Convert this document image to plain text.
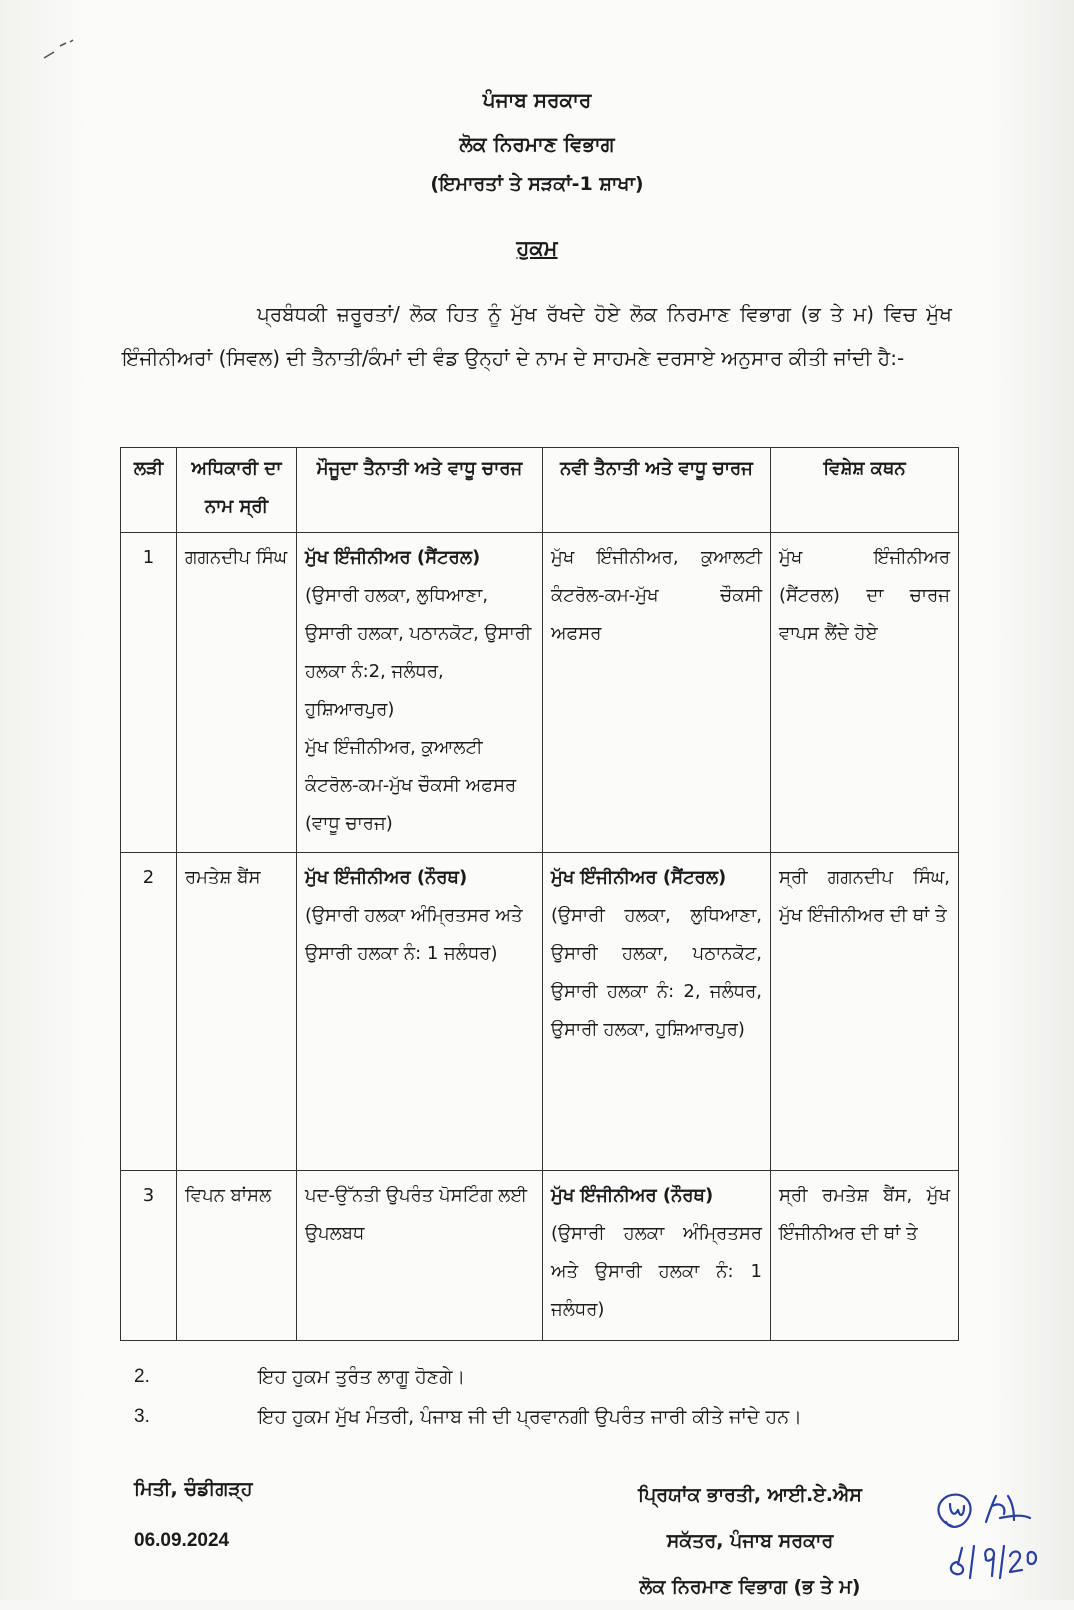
ਪੰਜਾਬ ਸਰਕਾਰ
ਲੋਕ ਨਿਰਮਾਣ ਵਿਭਾਗ
(ਇਮਾਰਤਾਂ ਤੇ ਸੜਕਾਂ-1 ਸ਼ਾਖਾ)
ਹੁਕਮ
ਪ੍ਰਬੰਧਕੀ ਜ਼ਰੂਰਤਾਂ/ ਲੋਕ ਹਿਤ ਨੂੰ ਮੁੱਖ ਰੱਖਦੇ ਹੋਏ ਲੋਕ ਨਿਰਮਾਣ ਵਿਭਾਗ (ਭ ਤੇ ਮ) ਵਿਚ ਮੁੱਖ ਇੰਜੀਨੀਅਰਾਂ (ਸਿਵਲ) ਦੀ ਤੈਨਾਤੀ/ਕੰਮਾਂ ਦੀ ਵੰਡ ਉਨ੍ਹਾਂ ਦੇ ਨਾਮ ਦੇ ਸਾਹਮਣੇ ਦਰਸਾਏ ਅਨੁਸਾਰ ਕੀਤੀ ਜਾਂਦੀ ਹੈ:-
ਲੜੀ	ਅਧਿਕਾਰੀ ਦਾ ਨਾਮ ਸ੍ਰੀ	ਮੌਜੂਦਾ ਤੈਨਾਤੀ ਅਤੇ ਵਾਧੂ ਚਾਰਜ	ਨਵੀ ਤੈਨਾਤੀ ਅਤੇ ਵਾਧੂ ਚਾਰਜ	ਵਿਸ਼ੇਸ਼ ਕਥਨ
1	ਗਗਨਦੀਪ ਸਿੰਘ	ਮੁੱਖ ਇੰਜੀਨੀਅਰ (ਸੈਂਟਰਲ)
(ਉਸਾਰੀ ਹਲਕਾ, ਲੁਧਿਆਣਾ, ਉਸਾਰੀ ਹਲਕਾ, ਪਠਾਨਕੋਟ, ਉਸਾਰੀ ਹਲਕਾ ਨੰ:2, ਜਲੰਧਰ, ਹੁਸ਼ਿਆਰਪੁਰ)
ਮੁੱਖ ਇੰਜੀਨੀਅਰ, ਕੁਆਲਟੀ ਕੰਟਰੋਲ-ਕਮ-ਮੁੱਖ ਚੌਕਸੀ ਅਫਸਰ (ਵਾਧੂ ਚਾਰਜ)	ਮੁੱਖ ਇੰਜੀਨੀਅਰ, ਕੁਆਲਟੀ ਕੰਟਰੋਲ-ਕਮ-ਮੁੱਖ ਚੌਕਸੀ ਅਫਸਰ	ਮੁੱਖ ਇੰਜੀਨੀਅਰ (ਸੈਂਟਰਲ) ਦਾ ਚਾਰਜ ਵਾਪਸ ਲੈਂਦੇ ਹੋਏ
2	ਰਮਤੇਸ਼ ਬੈਂਸ	ਮੁੱਖ ਇੰਜੀਨੀਅਰ (ਨੌਰਥ)
(ਉਸਾਰੀ ਹਲਕਾ ਅੰਮ੍ਰਿਤਸਰ ਅਤੇ ਉਸਾਰੀ ਹਲਕਾ ਨੰ: 1 ਜਲੰਧਰ)	ਮੁੱਖ ਇੰਜੀਨੀਅਰ (ਸੈਂਟਰਲ)
(ਉਸਾਰੀ ਹਲਕਾ, ਲੁਧਿਆਣਾ, ਉਸਾਰੀ ਹਲਕਾ, ਪਠਾਨਕੋਟ, ਉਸਾਰੀ ਹਲਕਾ ਨੰ: 2, ਜਲੰਧਰ, ਉਸਾਰੀ ਹਲਕਾ, ਹੁਸ਼ਿਆਰਪੁਰ)	ਸ੍ਰੀ ਗਗਨਦੀਪ ਸਿੰਘ, ਮੁੱਖ ਇੰਜੀਨੀਅਰ ਦੀ ਥਾਂ ਤੇ
3	ਵਿਪਨ ਬਾਂਸਲ	ਪਦ-ਉੱਨਤੀ ਉਪਰੰਤ ਪੋਸਟਿੰਗ ਲਈ ਉਪਲਬਧ	ਮੁੱਖ ਇੰਜੀਨੀਅਰ (ਨੌਰਥ)
(ਉਸਾਰੀ ਹਲਕਾ ਅੰਮ੍ਰਿਤਸਰ ਅਤੇ ਉਸਾਰੀ ਹਲਕਾ ਨੰ: 1 ਜਲੰਧਰ)	ਸ੍ਰੀ ਰਮਤੇਸ਼ ਬੈਂਸ, ਮੁੱਖ ਇੰਜੀਨੀਅਰ ਦੀ ਥਾਂ ਤੇ
2.	ਇਹ ਹੁਕਮ ਤੁਰੰਤ ਲਾਗੂ ਹੋਣਗੇ।
3.	ਇਹ ਹੁਕਮ ਮੁੱਖ ਮੰਤਰੀ, ਪੰਜਾਬ ਜੀ ਦੀ ਪ੍ਰਵਾਨਗੀ ਉਪਰੰਤ ਜਾਰੀ ਕੀਤੇ ਜਾਂਦੇ ਹਨ।
ਮਿਤੀ, ਚੰਡੀਗੜ੍ਹ
06.09.2024
ਪ੍ਰਿਯਾਂਕ ਭਾਰਤੀ, ਆਈ.ਏ.ਐਸ
ਸਕੱਤਰ, ਪੰਜਾਬ ਸਰਕਾਰ
ਲੋਕ ਨਿਰਮਾਣ ਵਿਭਾਗ (ਭ ਤੇ ਮ)
